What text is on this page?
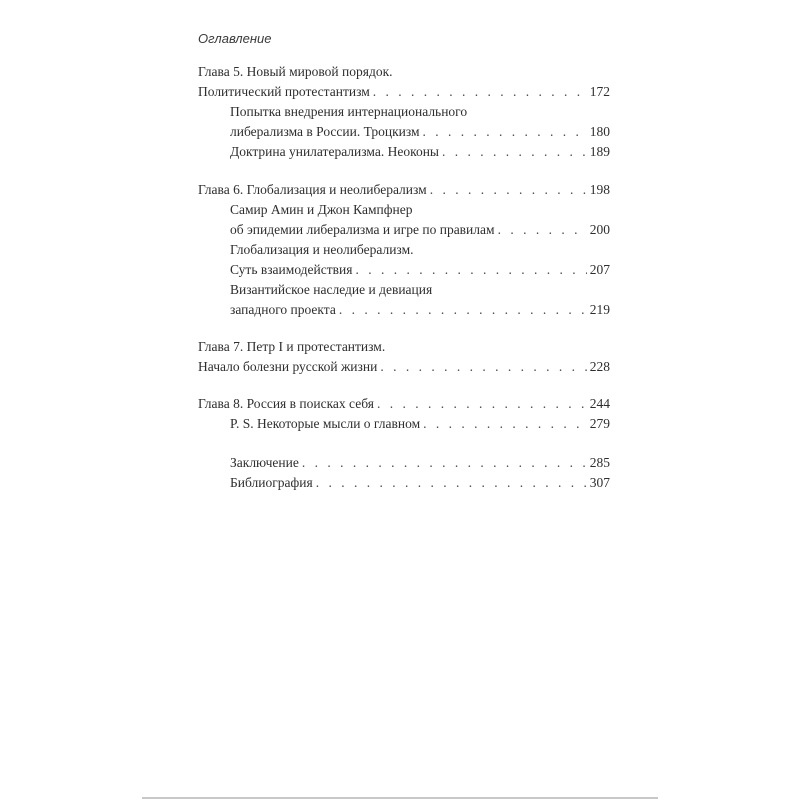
Оглавление
Глава 5. Новый мировой порядок.
Политический протестантизм . . .	172
Попытка внедрения интернационального
либерализма в России. Троцкизм . . .	180
Доктрина унилатерализма. Неоконы . . .	189
Глава 6. Глобализация и неолиберализм . . .	198
Самир Амин и Джон Кампфнер
об эпидемии либерализма и игре по правилам . . .	200
Глобализация и неолиберализм.
Суть взаимодействия . . .	207
Византийское наследие и девиация
западного проекта . . .	219
Глава 7. Петр I и протестантизм.
Начало болезни русской жизни . . .	228
Глава 8. Россия в поисках себя . . .	244
P. S. Некоторые мысли о главном . . .	279
Заключение . . .	285
Библиография . . .	307
